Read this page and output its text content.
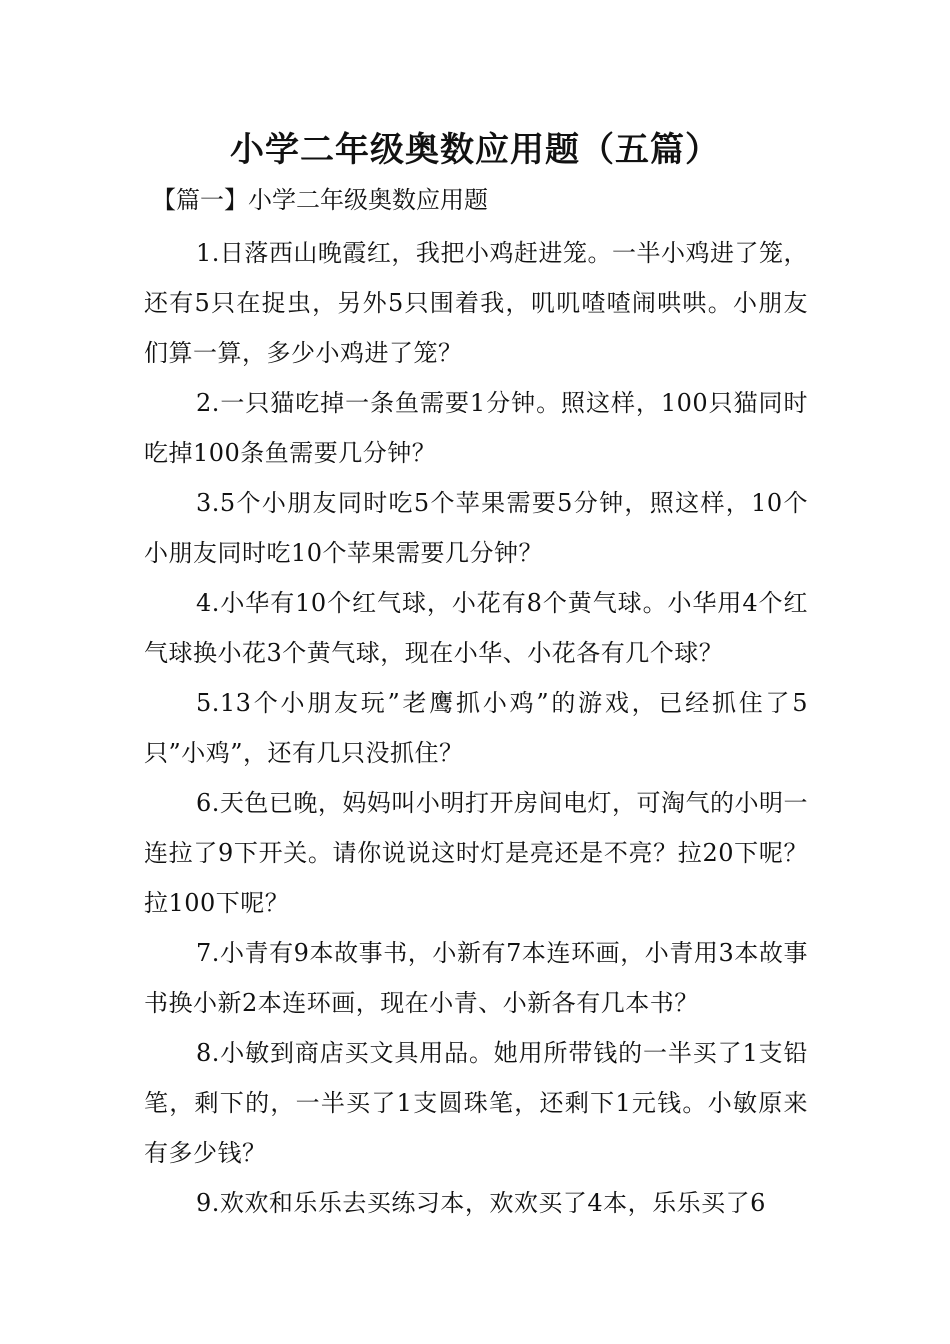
小学二年级奥数应用题（五篇）

【篇一】小学二年级奥数应用题

1.日落西山晚霞红，我把小鸡赶进笼。一半小鸡进了笼，还有5只在捉虫，另外5只围着我，叽叽喳喳闹哄哄。小朋友们算一算，多少小鸡进了笼？
2.一只猫吃掉一条鱼需要1分钟。照这样，100只猫同时吃掉100条鱼需要几分钟？
3.5个小朋友同时吃5个苹果需要5分钟，照这样，10个小朋友同时吃10个苹果需要几分钟？
4.小华有10个红气球，小花有8个黄气球。小华用4个红气球换小花3个黄气球，现在小华、小花各有几个球？
5.13个小朋友玩”老鹰抓小鸡”的游戏，已经抓住了5只”小鸡”，还有几只没抓住？
6.天色已晚，妈妈叫小明打开房间电灯，可淘气的小明一连拉了9下开关。请你说说这时灯是亮还是不亮？拉20下呢？拉100下呢？
7.小青有9本故事书，小新有7本连环画，小青用3本故事书换小新2本连环画，现在小青、小新各有几本书？
8.小敏到商店买文具用品。她用所带钱的一半买了1支铅笔，剩下的，一半买了1支圆珠笔，还剩下1元钱。小敏原来有多少钱？
9.欢欢和乐乐去买练习本，欢欢买了4本，乐乐买了6
